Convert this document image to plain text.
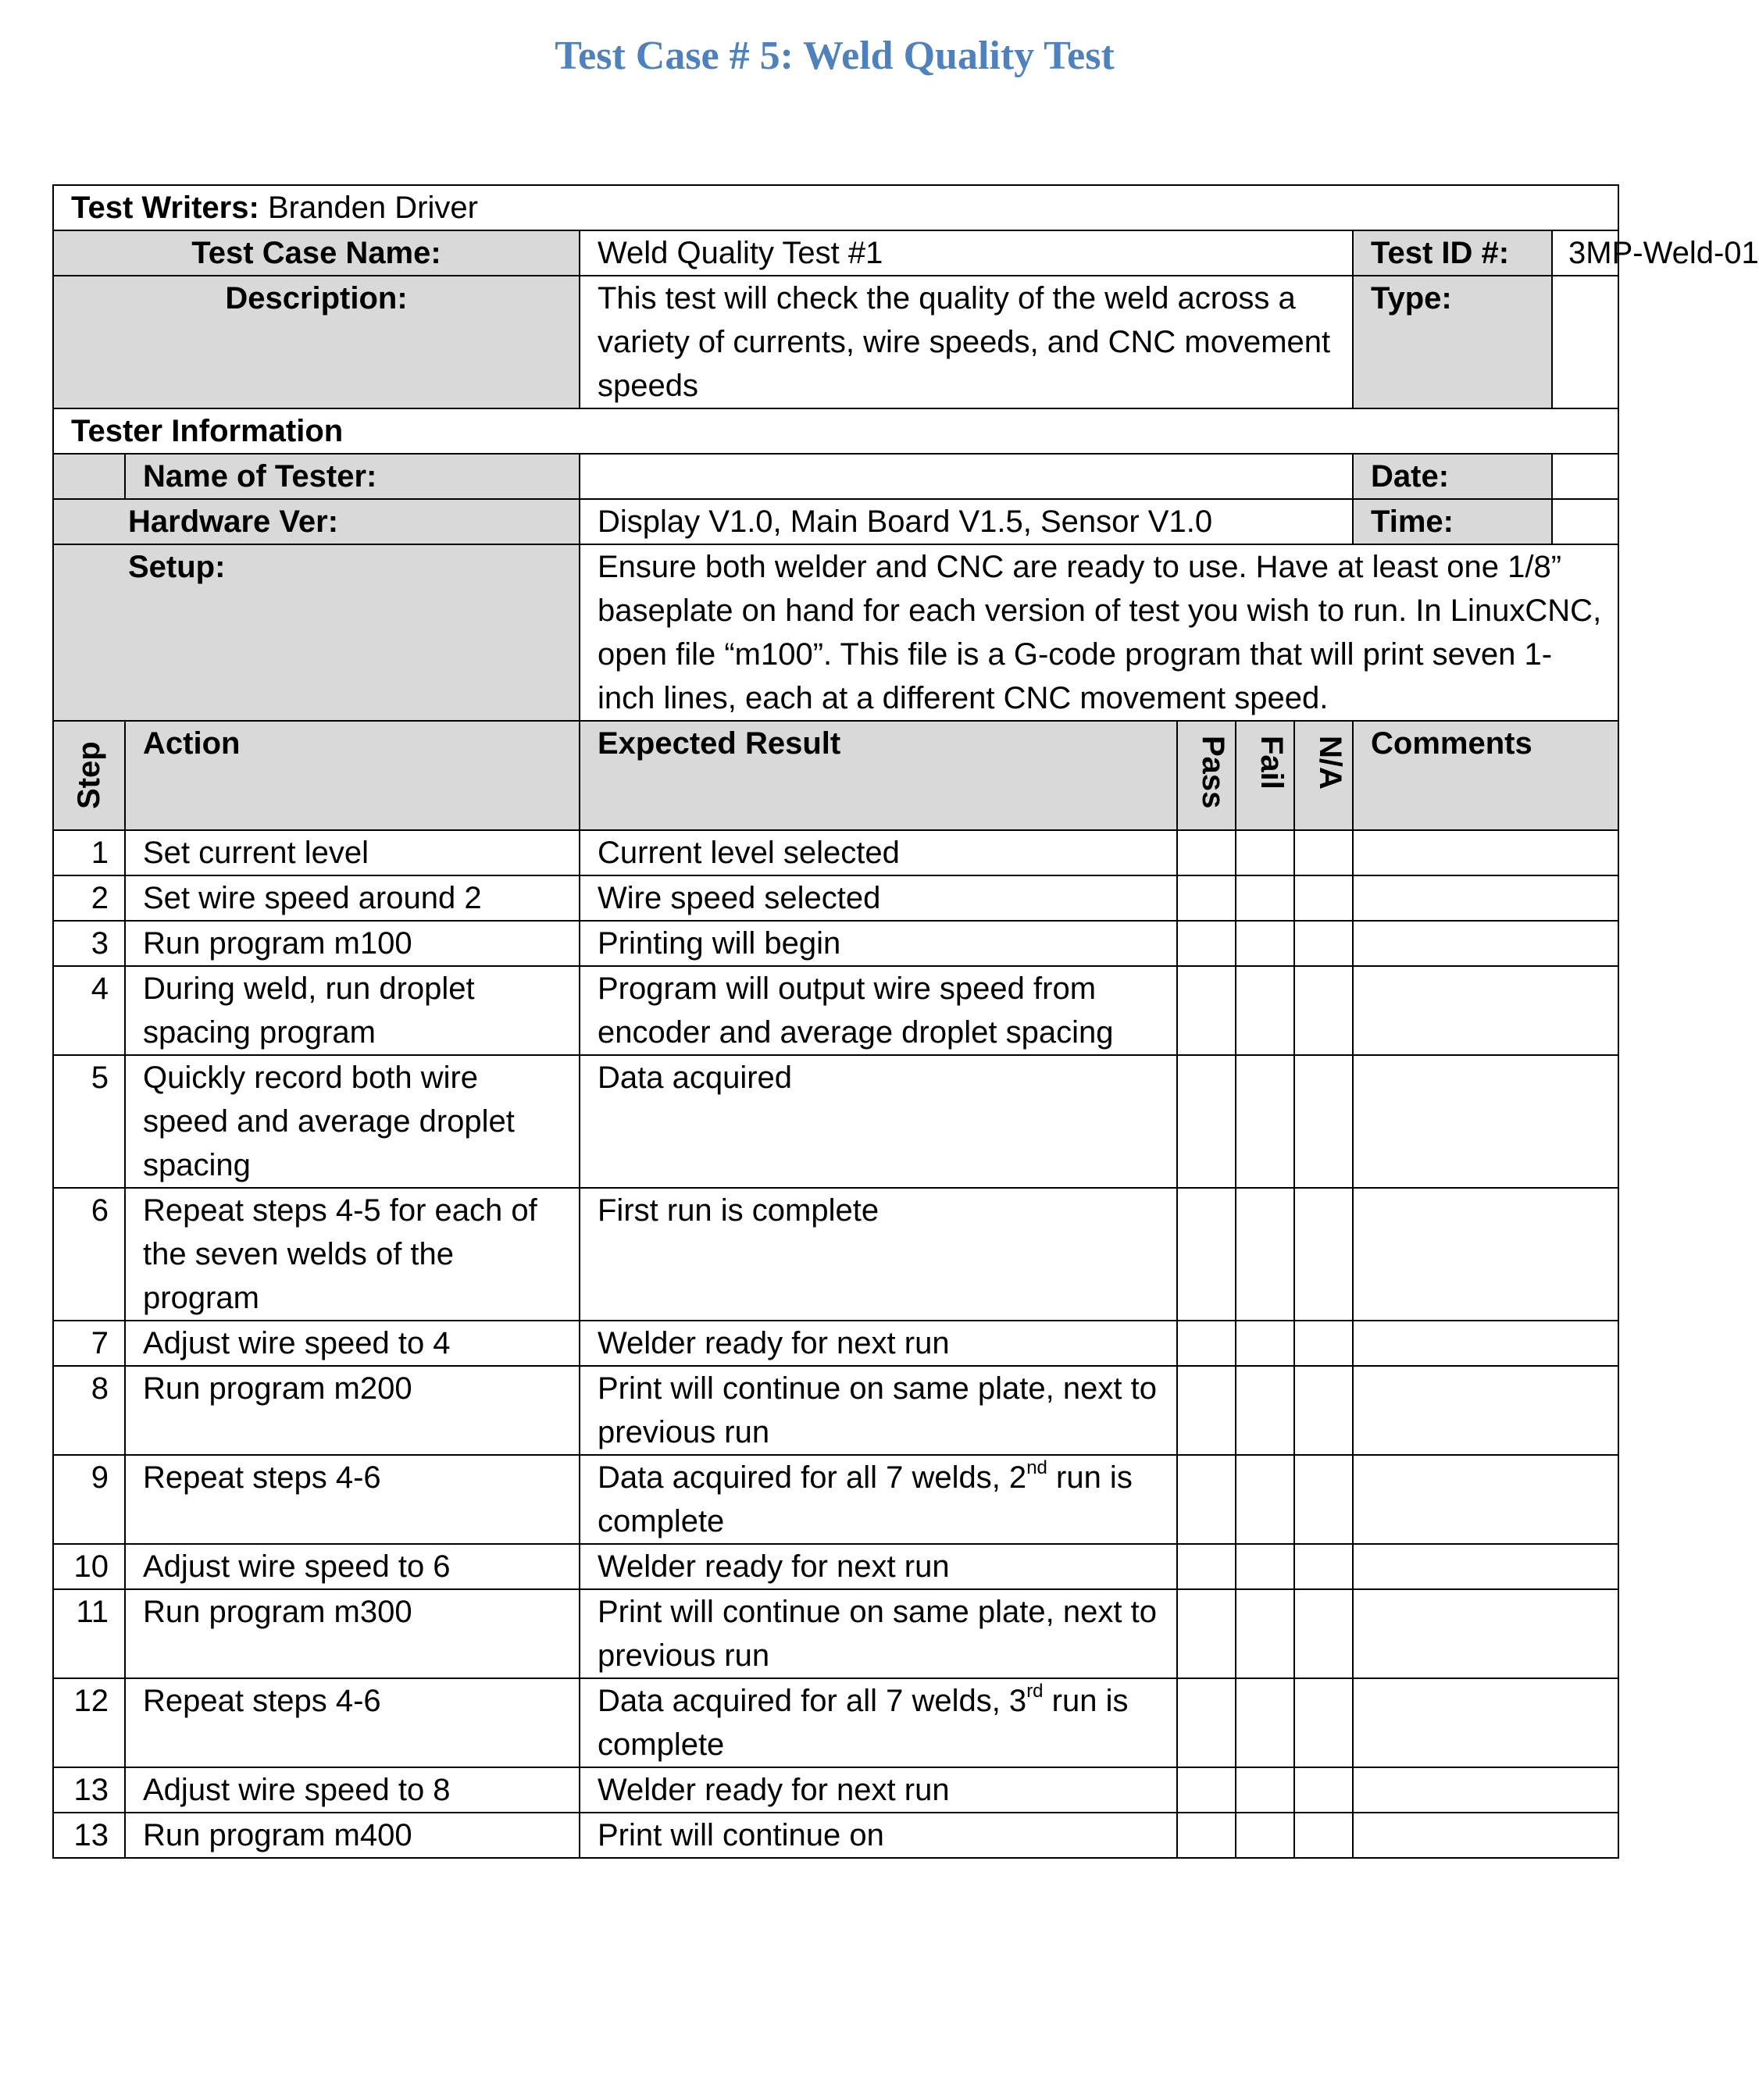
Test Case # 5: Weld Quality Test
Test Writers: Branden Driver							
Test Case Name:		Weld Quality Test #1				Test ID #:	3MP-Weld-01
Description:		This test will check the quality of the weld across a variety of currents, wire speeds, and CNC movement speeds				Type:	
Tester Information							
	Name of Tester:					Date:	
Hardware Ver:		Display V1.0, Main Board V1.5, Sensor V1.0				Time:	
Setup:		Ensure both welder and CNC are ready to use. Have at least one 1/8” baseplate on hand for each version of test you wish to run. In LinuxCNC, open file “m100”. This file is a G-code program that will print seven 1-inch lines, each at a different CNC movement speed.					
Step	Action	Expected Result	Pass	Fail	N/A	Comments	
1	Set current level	Current level selected					
2	Set wire speed around 2	Wire speed selected					
3	Run program m100	Printing will begin					
4	During weld, run droplet spacing program	Program will output wire speed from encoder and average droplet spacing					
5	Quickly record both wire speed and average droplet spacing	Data acquired					
6	Repeat steps 4-5 for each of the seven welds of the program	First run is complete					
7	Adjust wire speed to 4	Welder ready for next run					
8	Run program m200	Print will continue on same plate, next to previous run					
9	Repeat steps 4-6	Data acquired for all 7 welds, 2nd run is complete					
10	Adjust wire speed to 6	Welder ready for next run					
11	Run program m300	Print will continue on same plate, next to previous run					
12	Repeat steps 4-6	Data acquired for all 7 welds, 3rd run is complete					
13	Adjust wire speed to 8	Welder ready for next run					
13	Run program m400	Print will continue on					
